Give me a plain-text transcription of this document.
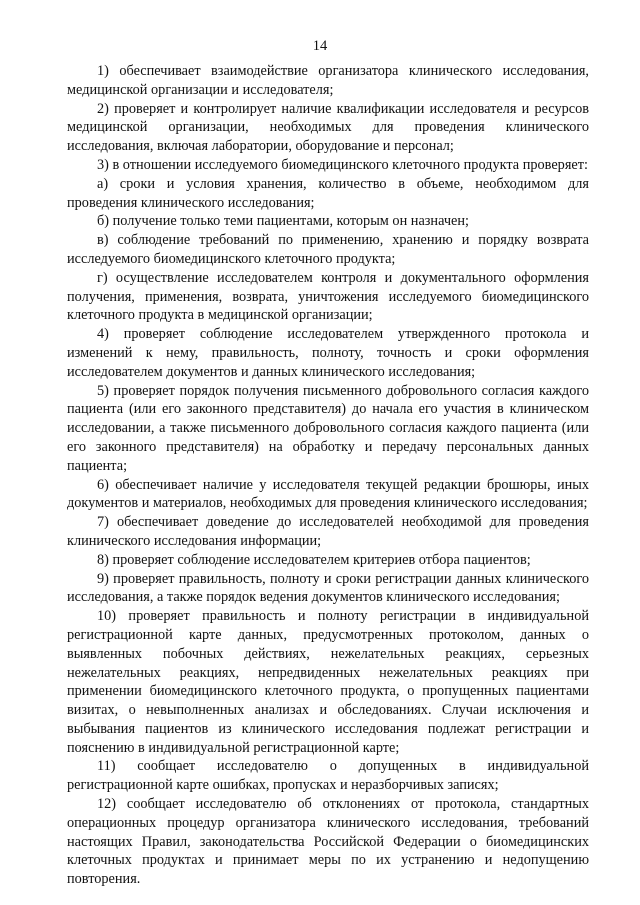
14

1) обеспечивает взаимодействие организатора клинического исследования, медицинской организации и исследователя;

2) проверяет и контролирует наличие квалификации исследователя и ресурсов медицинской организации, необходимых для проведения клинического исследования, включая лаборатории, оборудование и персонал;

3) в отношении исследуемого биомедицинского клеточного продукта проверяет:

а) сроки и условия хранения, количество в объеме, необходимом для проведения клинического исследования;

б) получение только теми пациентами, которым он назначен;

в) соблюдение требований по применению, хранению и порядку возврата исследуемого биомедицинского клеточного продукта;

г) осуществление исследователем контроля и документального оформления получения, применения, возврата, уничтожения исследуемого биомедицинского клеточного продукта в медицинской организации;

4) проверяет соблюдение исследователем утвержденного протокола и изменений к нему, правильность, полноту, точность и сроки оформления исследователем документов и данных клинического исследования;

5) проверяет порядок получения письменного добровольного согласия каждого пациента (или его законного представителя) до начала его участия в клиническом исследовании, а также письменного добровольного согласия каждого пациента (или его законного представителя) на обработку и передачу персональных данных пациента;

6) обеспечивает наличие у исследователя текущей редакции брошюры, иных документов и материалов, необходимых для проведения клинического исследования;

7) обеспечивает доведение до исследователей необходимой для проведения клинического исследования информации;

8) проверяет соблюдение исследователем критериев отбора пациентов;

9) проверяет правильность, полноту и сроки регистрации данных клинического исследования, а также порядок ведения документов клинического исследования;

10) проверяет правильность и полноту регистрации в индивидуальной регистрационной карте данных, предусмотренных протоколом, данных о выявленных побочных действиях, нежелательных реакциях, серьезных нежелательных реакциях, непредвиденных нежелательных реакциях при применении биомедицинского клеточного продукта, о пропущенных пациентами визитах, о невыполненных анализах и обследованиях. Случаи исключения и выбывания пациентов из клинического исследования подлежат регистрации и пояснению в индивидуальной регистрационной карте;

11) сообщает исследователю о допущенных в индивидуальной регистрационной карте ошибках, пропусках и неразборчивых записях;

12) сообщает исследователю об отклонениях от протокола, стандартных операционных процедур организатора клинического исследования, требований настоящих Правил, законодательства Российской Федерации о биомедицинских клеточных продуктах и принимает меры по их устранению и недопущению повторения.
